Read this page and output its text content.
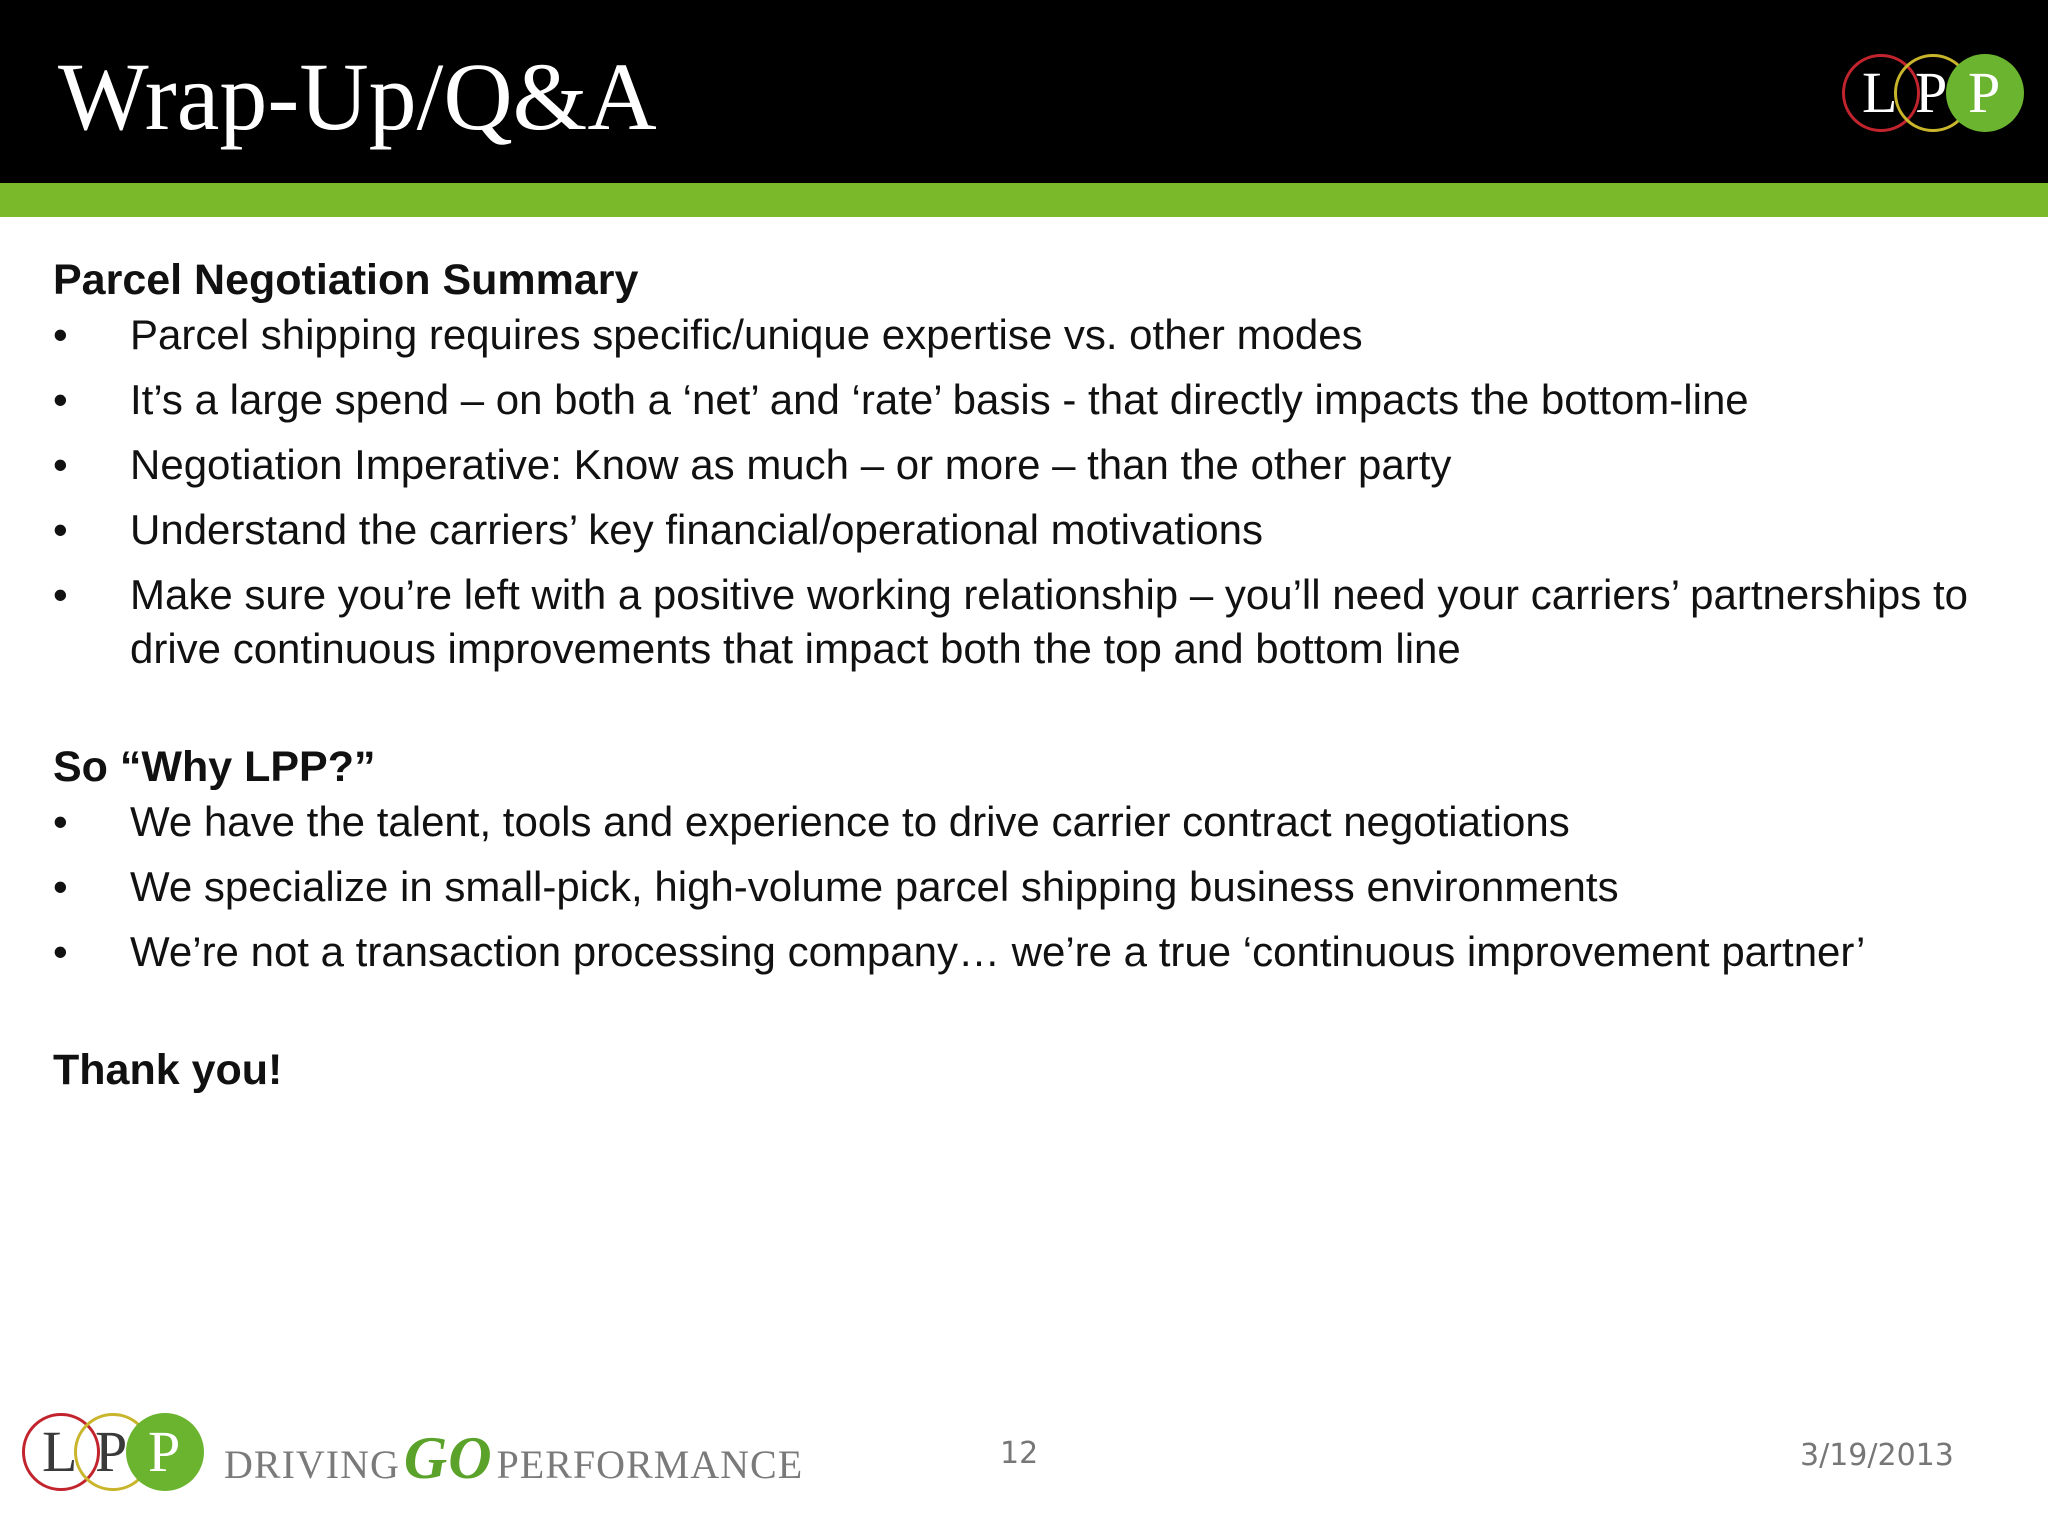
Wrap-Up/Q&A	L P P

Parcel Negotiation Summary

•	Parcel shipping requires specific/unique expertise vs. other modes
•	It’s a large spend – on both a ‘net’ and ‘rate’ basis - that directly impacts the bottom-line
•	Negotiation Imperative: Know as much – or more – than the other party
•	Understand the carriers’ key financial/operational motivations
•	Make sure you’re left with a positive working relationship – you’ll need your carriers’ partnerships to drive continuous improvements that impact both the top and bottom line

So “Why LPP?”

•	We have the talent, tools and experience to drive carrier contract negotiations
•	We specialize in small-pick, high-volume parcel shipping business environments
•	We’re not a transaction processing company… we’re a true ‘continuous improvement partner’

Thank you!

L P P DRIVINGGO PERFORMANCE	12	3/19/2013
